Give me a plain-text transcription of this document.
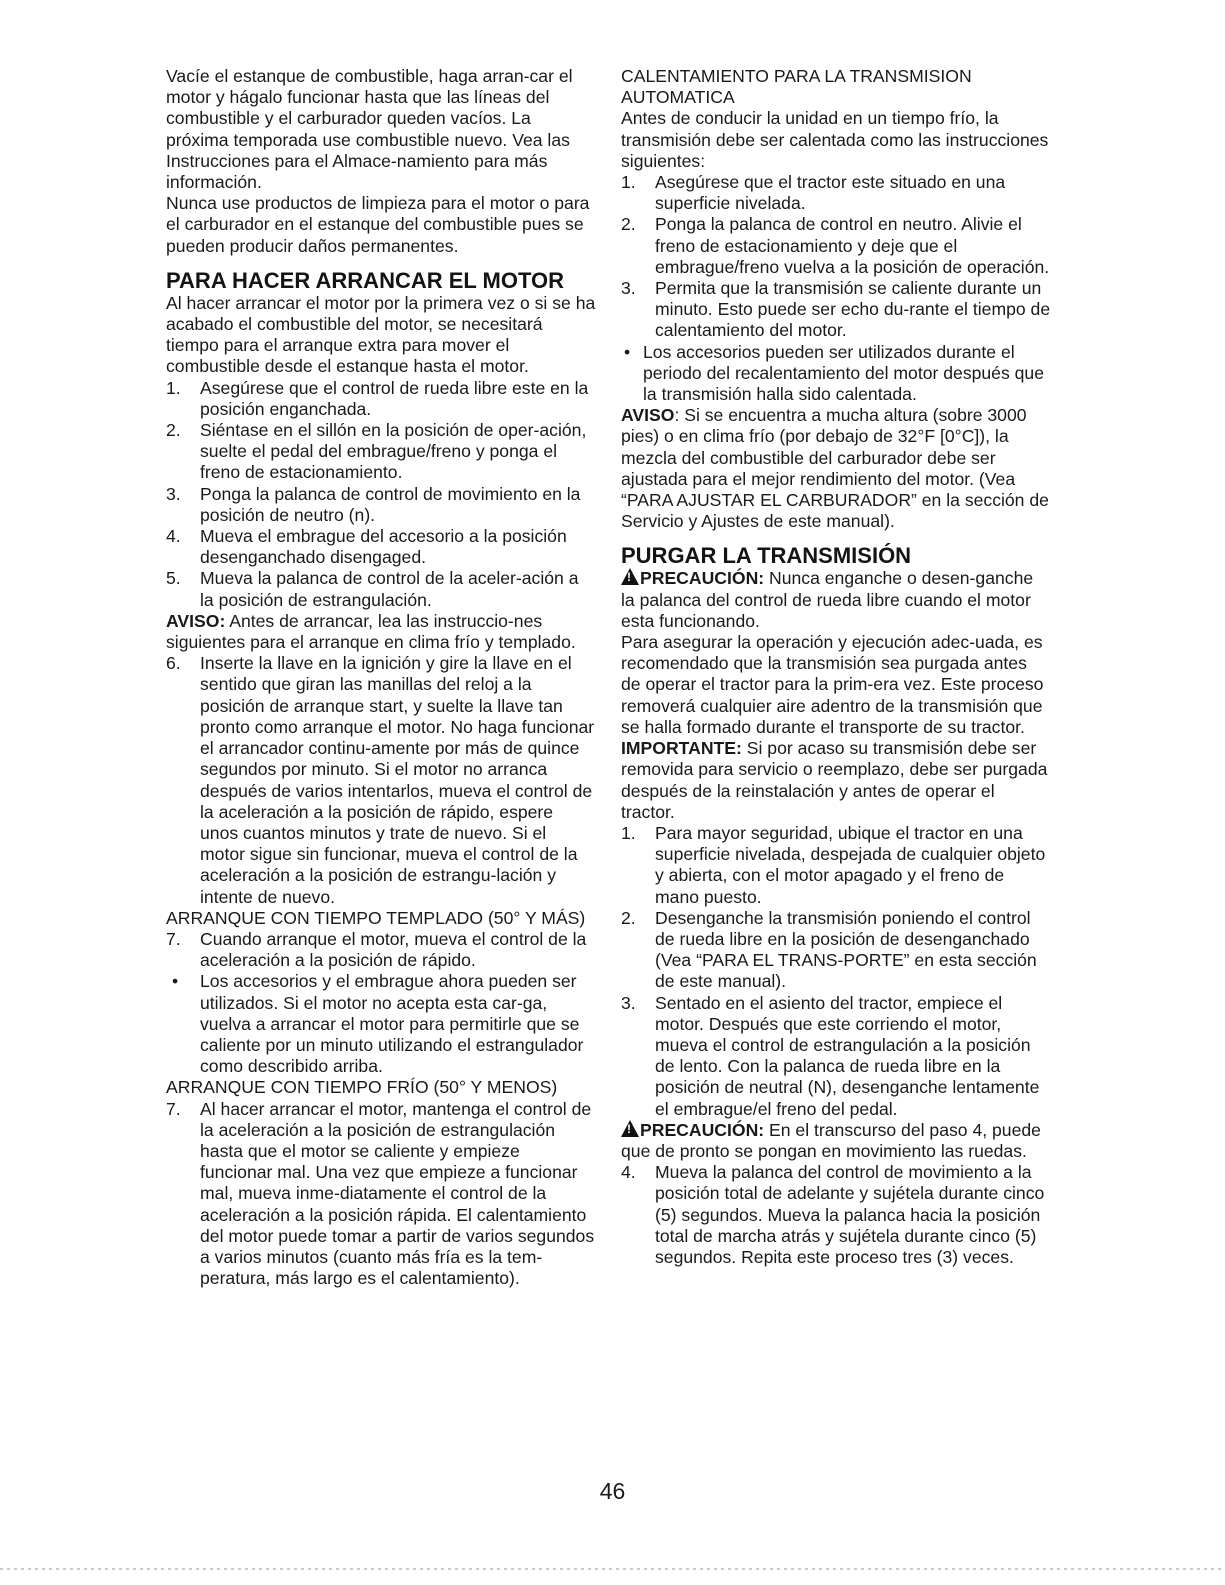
Vacíe el estanque de combustible, haga arran-car el motor y hágalo funcionar hasta que las líneas del combustible y el carburador queden vacíos. La próxima temporada use combustible nuevo. Vea las Instrucciones para el Almace-namiento para más información.

Nunca use productos de limpieza para el motor o para el carburador en el estanque del combustible pues se pueden producir daños permanentes.

PARA HACER ARRANCAR EL MOTOR

Al hacer arrancar el motor por la primera vez o si se ha acabado el combustible del motor, se necesitará tiempo para el arranque extra para mover el combustible desde el estanque hasta el motor.

1. Asegúrese que el control de rueda libre este en la posición enganchada.
2. Siéntase en el sillón en la posición de oper-ación, suelte el pedal del embrague/freno y ponga el freno de estacionamiento.
3. Ponga la palanca de control de movimiento en la posición de neutro (n).
4. Mueva el embrague del accesorio a la posición desenganchado disengaged.
5. Mueva la palanca de control de la aceler-ación a la posición de estrangulación.

AVISO: Antes de arrancar, lea las instruccio-nes siguientes para el arranque en clima frío y templado.

6. Inserte la llave en la ignición y gire la llave en el sentido que giran las manillas del reloj a la posición de arranque start, y suelte la llave tan pronto como arranque el motor. No haga funcionar el arrancador continu-amente por más de quince segundos por minuto. Si el motor no arranca después de varios intentarlos, mueva el control de la aceleración a la posición de rápido, espere unos cuantos minutos y trate de nuevo. Si el motor sigue sin funcionar, mueva el control de la aceleración a la posición de estrangu-lación y intente de nuevo.

ARRANQUE CON TIEMPO TEMPLADO (50° Y MÁS)

7. Cuando arranque el motor, mueva el control de la aceleración a la posición de rápido.
• Los accesorios y el embrague ahora pueden ser utilizados. Si el motor no acepta esta car-ga, vuelva a arrancar el motor para permitirle que se caliente por un minuto utilizando el estrangulador como describido arriba.

ARRANQUE CON TIEMPO FRÍO (50° Y MENOS)

7. Al hacer arrancar el motor, mantenga el control de la aceleración a la posición de estrangulación hasta que el motor se caliente y empieze funcionar mal. Una vez que empieze a funcionar mal, mueva inme-diatamente el control de la aceleración a la posición rápida. El calentamiento del motor puede tomar a partir de varios segundos a varios minutos (cuanto más fría es la tem-peratura, más largo es el calentamiento).

CALENTAMIENTO PARA LA TRANSMISION AUTOMATICA

Antes de conducir la unidad en un tiempo frío, la transmisión debe ser calentada como las instrucciones siguientes:

1. Asegúrese que el tractor este situado en una superficie nivelada.
2. Ponga la palanca de control en neutro. Alivie el freno de estacionamiento y deje que el embrague/freno vuelva a la posición de operación.
3. Permita que la transmisión se caliente durante un minuto. Esto puede ser echo du-rante el tiempo de calentamiento del motor.
• Los accesorios pueden ser utilizados durante el periodo del recalentamiento del motor después que la transmisión halla sido calentada.

AVISO: Si se encuentra a mucha altura (sobre 3000 pies) o en clima frío (por debajo de 32°F [0°C]), la mezcla del combustible del carburador debe ser ajustada para el mejor rendimiento del motor. (Vea “PARA AJUSTAR EL CARBURADOR” en la sección de Servicio y Ajustes de este manual).

PURGAR LA TRANSMISIÓN

!PRECAUCIÓN: Nunca enganche o desen-ganche la palanca del control de rueda libre cuando el motor esta funcionando.

Para asegurar la operación y ejecución adec-uada, es recomendado que la transmisión sea purgada antes de operar el tractor para la prim-era vez. Este proceso removerá cualquier aire adentro de la transmisión que se halla formado durante el transporte de su tractor.

IMPORTANTE: Si por acaso su transmisión debe ser removida para servicio o reemplazo, debe ser purgada después de la reinstalación y antes de operar el tractor.

1. Para mayor seguridad, ubique el tractor en una superficie nivelada, despejada de cualquier objeto y abierta, con el motor apagado y el freno de mano puesto.
2. Desenganche la transmisión poniendo el control de rueda libre en la posición de desenganchado (Vea “PARA EL TRANS-PORTE” en esta sección de este manual).
3. Sentado en el asiento del tractor, empiece el motor. Después que este corriendo el motor, mueva el control de estrangulación a la posición de lento. Con la palanca de rueda libre en la posición de neutral (N), desenganche lentamente el embrague/el freno del pedal.

!PRECAUCIÓN: En el transcurso del paso 4, puede que de pronto se pongan en movimiento las ruedas.

4. Mueva la palanca del control de movimiento a la posición total de adelante y sujétela durante cinco (5) segundos. Mueva la palanca hacia la posición total de marcha atrás y sujétela durante cinco (5) segundos. Repita este proceso tres (3) veces.
46
